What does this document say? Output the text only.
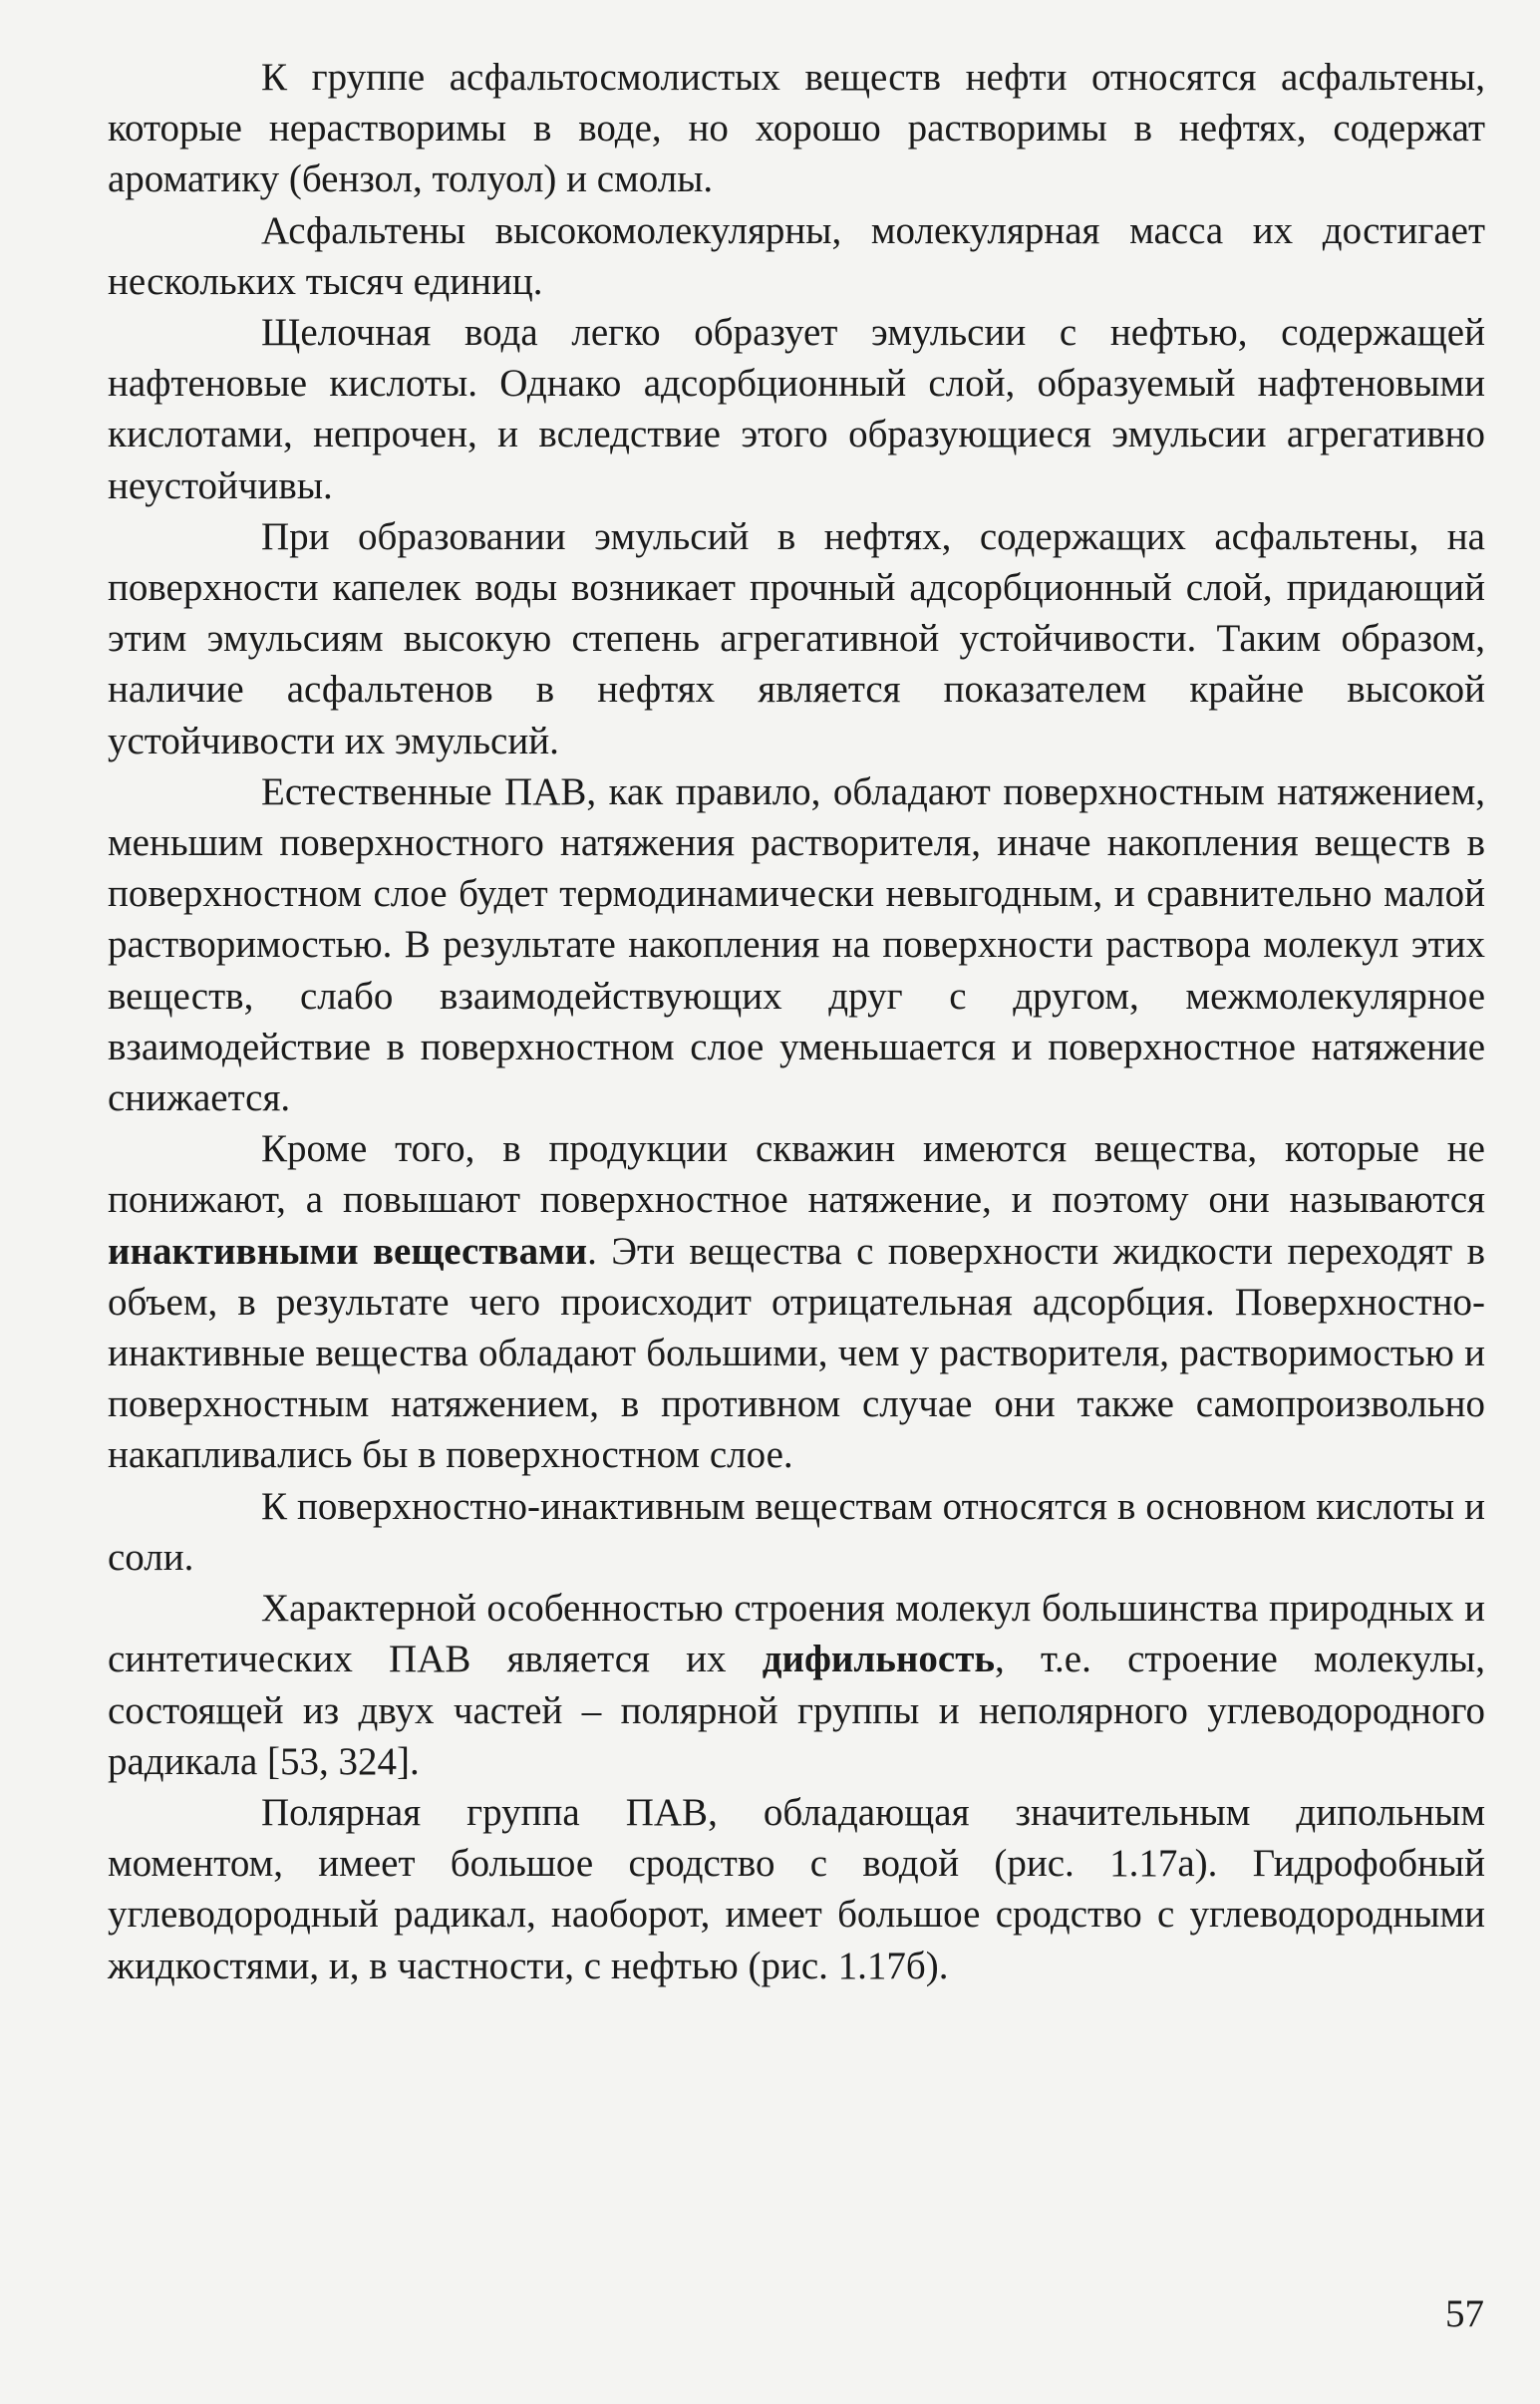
К группе асфальтосмолистых веществ нефти относятся асфальтены, которые нерастворимы в воде, но хорошо растворимы в нефтях, содержат ароматику (бензол, толуол) и смолы.

Асфальтены высокомолекулярны, молекулярная масса их достигает нескольких тысяч единиц.

Щелочная вода легко образует эмульсии с нефтью, содержащей нафтеновые кислоты. Однако адсорбционный слой, образуемый нафтеновыми кислотами, непрочен, и вследствие этого образующиеся эмульсии агрегативно неустойчивы.

При образовании эмульсий в нефтях, содержащих асфальтены, на поверхности капелек воды возникает прочный адсорбционный слой, придающий этим эмульсиям высокую степень агрегативной устойчивости. Таким образом, наличие асфальтенов в нефтях является показателем крайне высокой устойчивости их эмульсий.

Естественные ПАВ, как правило, обладают поверхностным натяжением, меньшим поверхностного натяжения растворителя, иначе накопления веществ в поверхностном слое будет термодинамически невыгодным, и сравнительно малой растворимостью. В результате накопления на поверхности раствора молекул этих веществ, слабо взаимодействующих друг с другом, межмолекулярное взаимодействие в поверхностном слое уменьшается и поверхностное натяжение снижается.

Кроме того, в продукции скважин имеются вещества, которые не понижают, а повышают поверхностное натяжение, и поэтому они называются инактивными веществами. Эти вещества с поверхности жидкости переходят в объем, в результате чего происходит отрицательная адсорбция. Поверхностно-инактивные вещества обладают большими, чем у растворителя, растворимостью и поверхностным натяжением, в противном случае они также самопроизвольно накапливались бы в поверхностном слое.

К поверхностно-инактивным веществам относятся в основном кислоты и соли.

Характерной особенностью строения молекул большинства природных и синтетических ПАВ является их дифильность, т.е. строение молекулы, состоящей из двух частей – полярной группы и неполярного углеводородного радикала [53, 324].

Полярная группа ПАВ, обладающая значительным дипольным моментом, имеет большое сродство с водой (рис. 1.17а). Гидрофобный углеводородный радикал, наоборот, имеет большое сродство с углеводородными жидкостями, и, в частности, с нефтью (рис. 1.17б).

57
